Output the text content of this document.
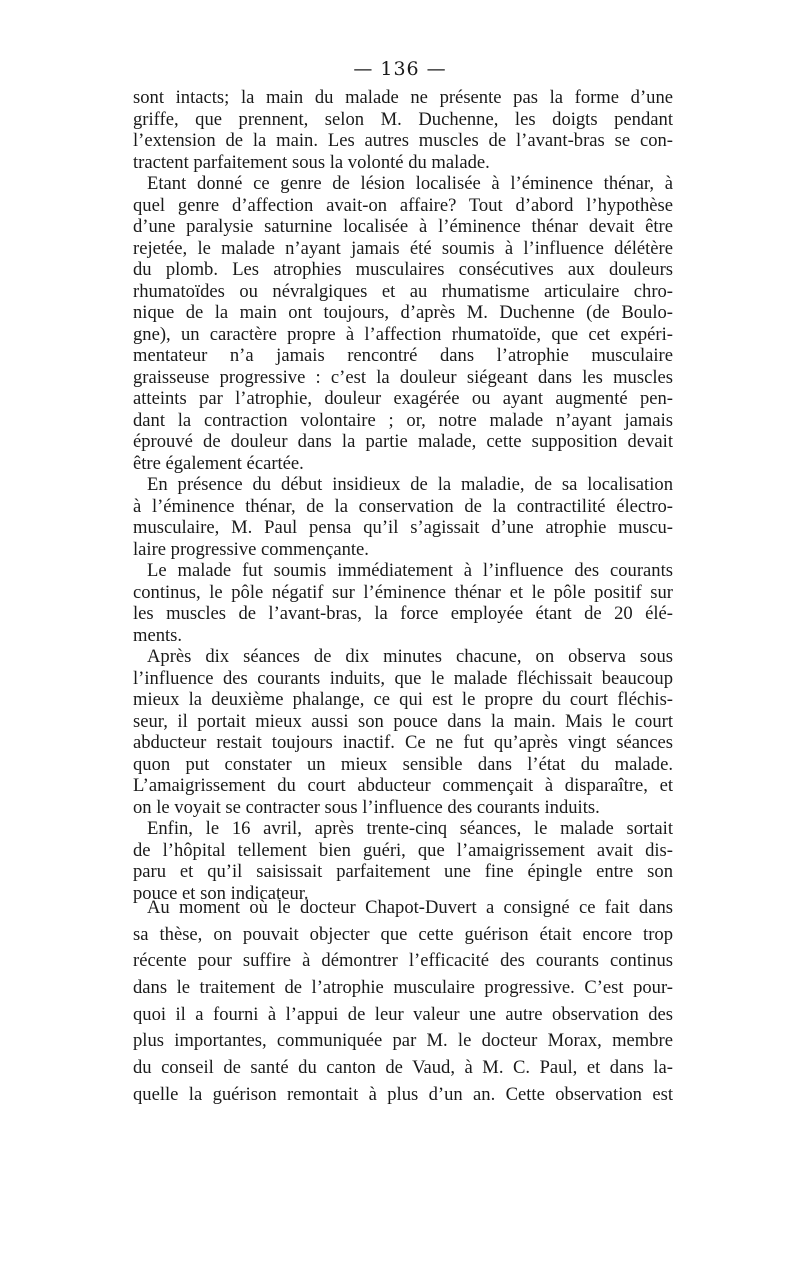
— 136 —
sont intacts; la main du malade ne présente pas la forme d’une
griffe, que prennent, selon M. Duchenne, les doigts pendant
l’extension de la main. Les autres muscles de l’avant-bras se con-
tractent parfaitement sous la volonté du malade.
Etant donné ce genre de lésion localisée à l’éminence thénar, à
quel genre d’affection avait-on affaire? Tout d’abord l’hypothèse
d’une paralysie saturnine localisée à l’éminence thénar devait être
rejetée, le malade n’ayant jamais été soumis à l’influence délétère
du plomb. Les atrophies musculaires consécutives aux douleurs
rhumatoïdes ou névralgiques et au rhumatisme articulaire chro-
nique de la main ont toujours, d’après M. Duchenne (de Boulo-
gne), un caractère propre à l’affection rhumatoïde, que cet expéri-
mentateur n’a jamais rencontré dans l’atrophie musculaire
graisseuse progressive : c’est la douleur siégeant dans les muscles
atteints par l’atrophie, douleur exagérée ou ayant augmenté pen-
dant la contraction volontaire ; or, notre malade n’ayant jamais
éprouvé de douleur dans la partie malade, cette supposition devait
être également écartée.
En présence du début insidieux de la maladie, de sa localisation
à l’éminence thénar, de la conservation de la contractilité électro-
musculaire, M. Paul pensa qu’il s’agissait d’une atrophie muscu-
laire progressive commençante.
Le malade fut soumis immédiatement à l’influence des courants
continus, le pôle négatif sur l’éminence thénar et le pôle positif sur
les muscles de l’avant-bras, la force employée étant de 20 élé-
ments.
Après dix séances de dix minutes chacune, on observa sous
l’influence des courants induits, que le malade fléchissait beaucoup
mieux la deuxième phalange, ce qui est le propre du court fléchis-
seur, il portait mieux aussi son pouce dans la main. Mais le court
abducteur restait toujours inactif. Ce ne fut qu’après vingt séances
quon put constater un mieux sensible dans l’état du malade.
L’amaigrissement du court abducteur commençait à disparaître, et
on le voyait se contracter sous l’influence des courants induits.
Enfin, le 16 avril, après trente-cinq séances, le malade sortait
de l’hôpital tellement bien guéri, que l’amaigrissement avait dis-
paru et qu’il saisissait parfaitement une fine épingle entre son
pouce et son indicateur.
Au moment où le docteur Chapot-Duvert a consigné ce fait dans
sa thèse, on pouvait objecter que cette guérison était encore trop
récente pour suffire à démontrer l’efficacité des courants continus
dans le traitement de l’atrophie musculaire progressive. C’est pour-
quoi il a fourni à l’appui de leur valeur une autre observation des
plus importantes, communiquée par M. le docteur Morax, membre
du conseil de santé du canton de Vaud, à M. C. Paul, et dans la-
quelle la guérison remontait à plus d’un an. Cette observation est
